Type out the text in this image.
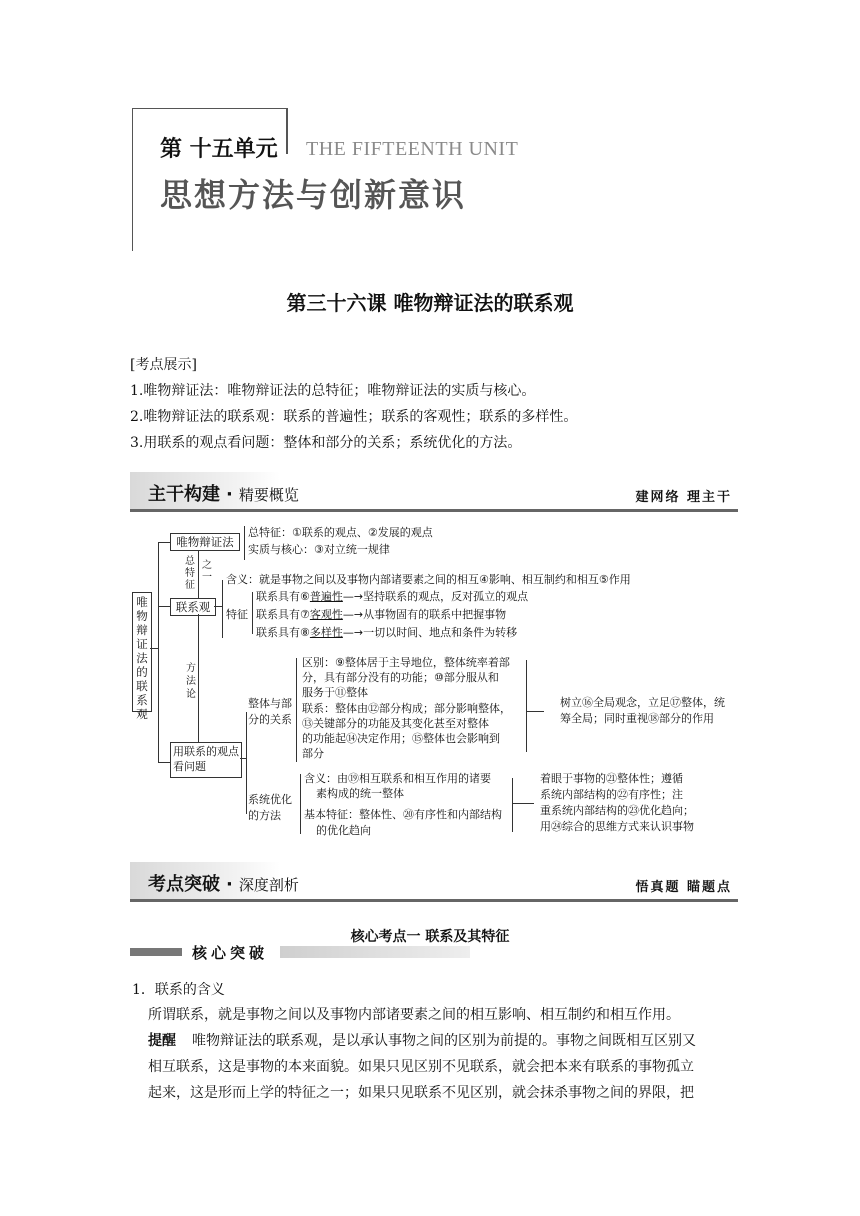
第 十五单元 THE FIFTEENTH UNIT
思想方法与创新意识
第三十六课 唯物辩证法的联系观
[考点展示]
1.唯物辩证法：唯物辩证法的总特征；唯物辩证法的实质与核心。
2.唯物辩证法的联系观：联系的普遍性；联系的客观性；联系的多样性。
3.用联系的观点看问题：整体和部分的关系；系统优化的方法。
主干构建 · 精要概览	建网络 理主干
唯物辩证法的联系观
唯物辩证法
总特征：①联系的观点、②发展的观点
实质与核心：③对立统一规律
总特征
之一
联系观
含义：就是事物之间以及事物内部诸要素之间的相互④影响、相互制约和相互⑤作用
特征
联系具有⑥普遍性—→坚持联系的观点，反对孤立的观点
联系具有⑦客观性—→从事物固有的联系中把握事物
联系具有⑧多样性—→一切以时间、地点和条件为转移
方法论
用联系的观点看问题
整体与部分的关系
区别：⑨整体居于主导地位，整体统率着部
分，具有部分没有的功能；⑩部分服从和
服务于⑪整体
联系：整体由⑫部分构成；部分影响整体，
⑬关键部分的功能及其变化甚至对整体
的功能起⑭决定作用；⑮整体也会影响到
部分
树立⑯全局观念，立足⑰整体，统
筹全局；同时重视⑱部分的作用
系统优化的方法
含义：由⑲相互联系和相互作用的诸要
素构成的统一整体
基本特征：整体性、⑳有序性和内部结构
的优化趋向
着眼于事物的㉑整体性；遵循
系统内部结构的㉒有序性；注
重系统内部结构的㉓优化趋向；
用㉔综合的思维方式来认识事物
考点突破 · 深度剖析	悟真题 瞄题点
核心考点一 联系及其特征
核心突破
1．联系的含义
所谓联系，就是事物之间以及事物内部诸要素之间的相互影响、相互制约和相互作用。
提醒 唯物辩证法的联系观，是以承认事物之间的区别为前提的。事物之间既相互区别又
相互联系，这是事物的本来面貌。如果只见区别不见联系，就会把本来有联系的事物孤立
起来，这是形而上学的特征之一；如果只见联系不见区别，就会抹杀事物之间的界限，把
